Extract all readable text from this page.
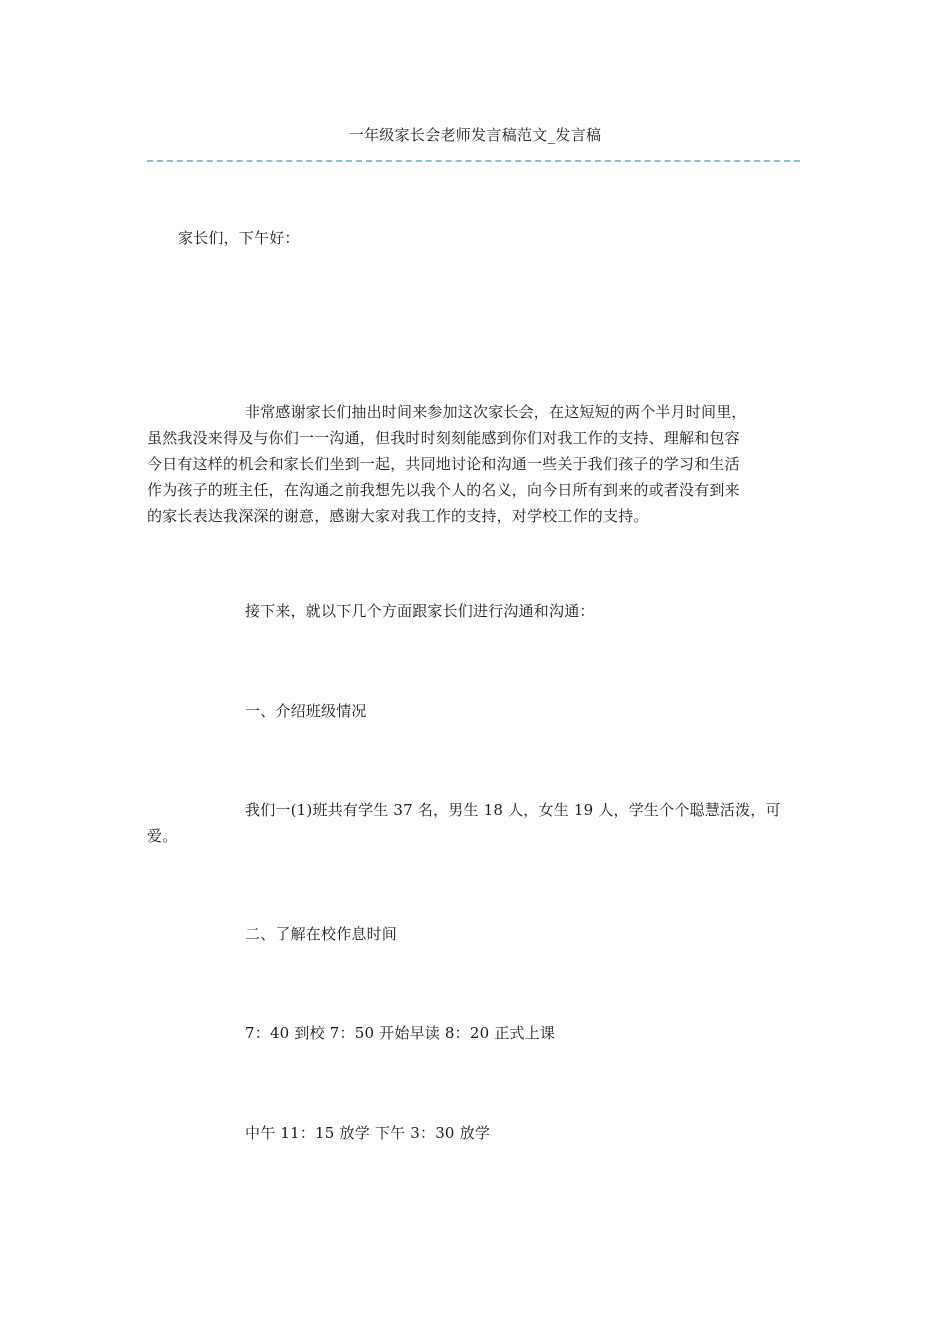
一年级家长会老师发言稿范文_发言稿
家长们，下午好：
非常感谢家长们抽出时间来参加这次家长会，在这短短的两个半月时间里，
虽然我没来得及与你们一一沟通，但我时时刻刻能感到你们对我工作的支持、理解和包容
今日有这样的机会和家长们坐到一起，共同地讨论和沟通一些关于我们孩子的学习和生活
作为孩子的班主任，在沟通之前我想先以我个人的名义，向今日所有到来的或者没有到来
的家长表达我深深的谢意，感谢大家对我工作的支持，对学校工作的支持。
接下来，就以下几个方面跟家长们进行沟通和沟通：
一、介绍班级情况
我们一(1)班共有学生 37 名，男生 18 人，女生 19 人，学生个个聪慧活泼，可
爱。
二、了解在校作息时间
7：40 到校 7：50 开始早读 8：20 正式上课
中午 11：15 放学 下午 3：30 放学
